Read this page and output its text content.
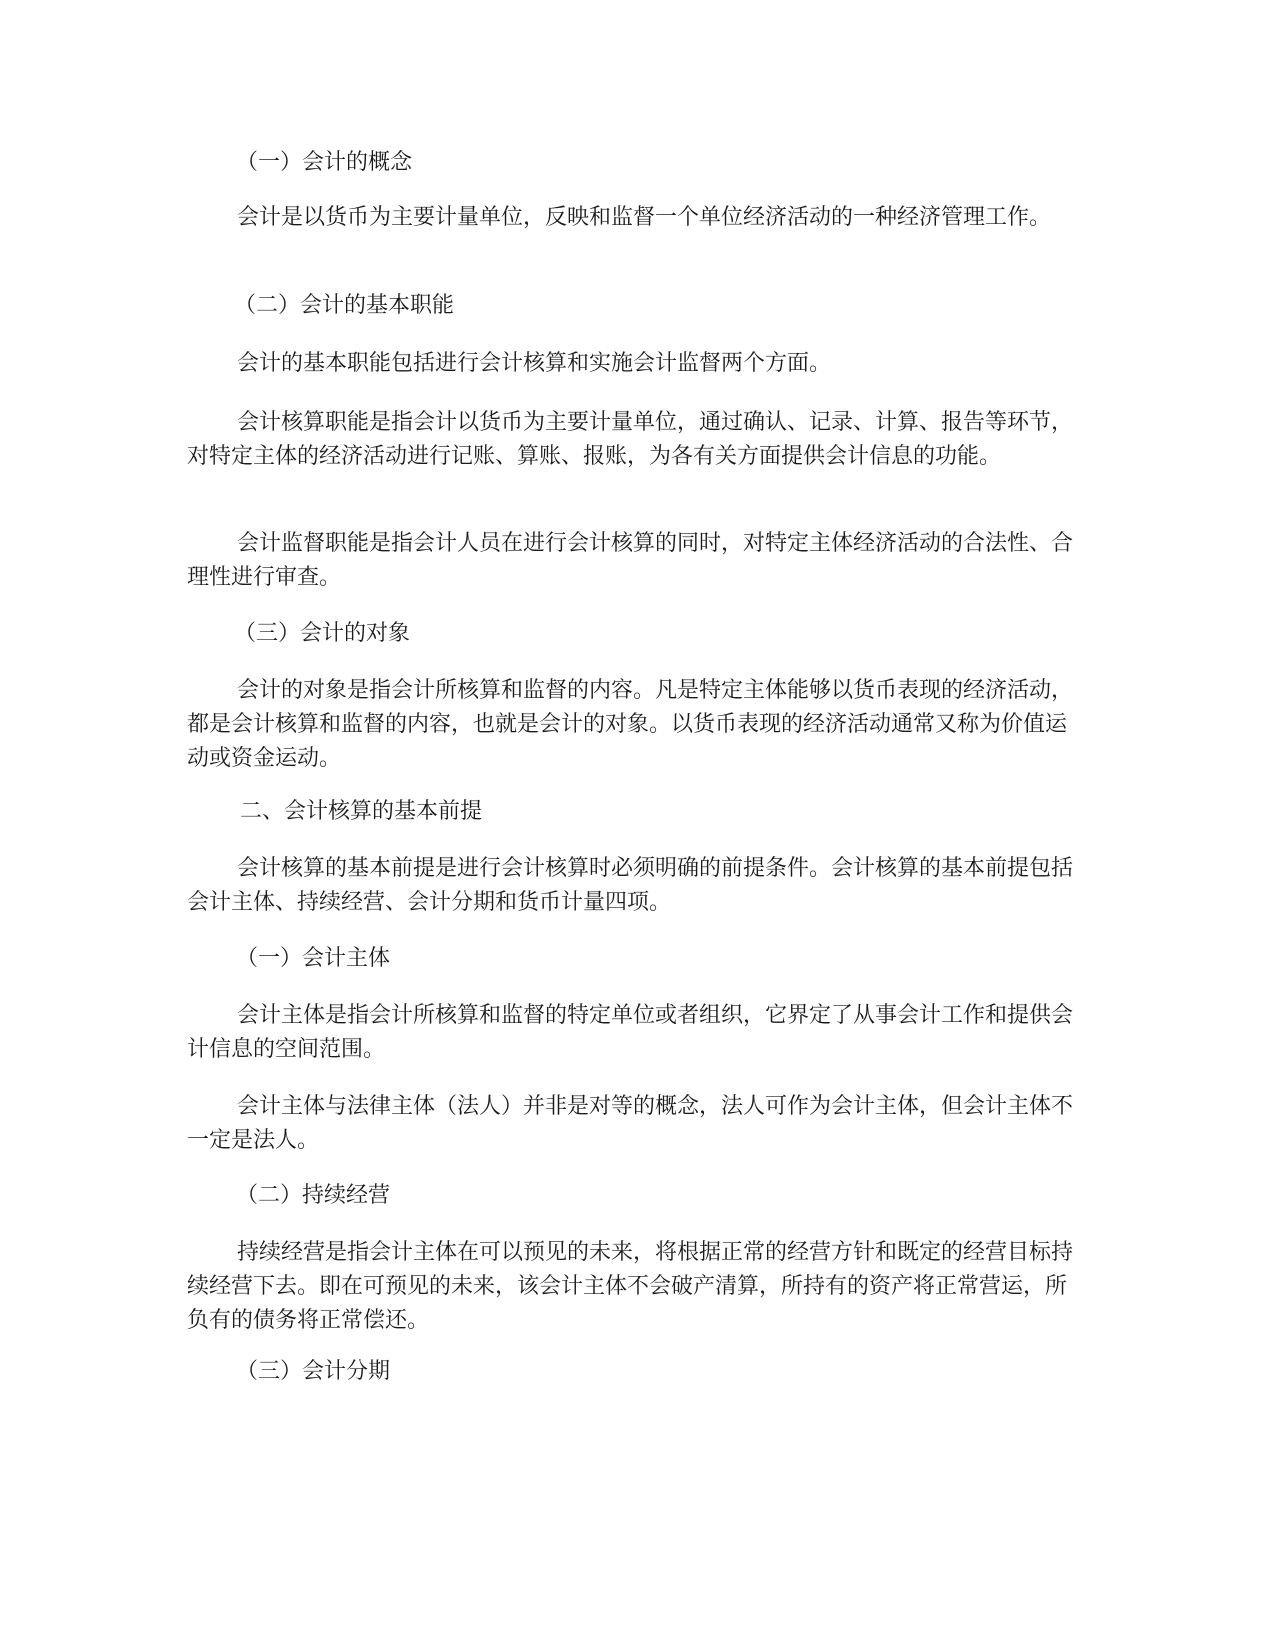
（一）会计的概念

会计是以货币为主要计量单位，反映和监督一个单位经济活动的一种经济管理工作。

（二）会计的基本职能

会计的基本职能包括进行会计核算和实施会计监督两个方面。

会计核算职能是指会计以货币为主要计量单位，通过确认、记录、计算、报告等环节，对特定主体的经济活动进行记账、算账、报账，为各有关方面提供会计信息的功能。

会计监督职能是指会计人员在进行会计核算的同时，对特定主体经济活动的合法性、合理性进行审查。

（三）会计的对象

会计的对象是指会计所核算和监督的内容。凡是特定主体能够以货币表现的经济活动，都是会计核算和监督的内容，也就是会计的对象。以货币表现的经济活动通常又称为价值运动或资金运动。

二、会计核算的基本前提

会计核算的基本前提是进行会计核算时必须明确的前提条件。会计核算的基本前提包括会计主体、持续经营、会计分期和货币计量四项。

（一）会计主体

会计主体是指会计所核算和监督的特定单位或者组织，它界定了从事会计工作和提供会计信息的空间范围。

会计主体与法律主体（法人）并非是对等的概念，法人可作为会计主体，但会计主体不一定是法人。

（二）持续经营

持续经营是指会计主体在可以预见的未来，将根据正常的经营方针和既定的经营目标持续经营下去。即在可预见的未来，该会计主体不会破产清算，所持有的资产将正常营运，所负有的债务将正常偿还。

（三）会计分期
